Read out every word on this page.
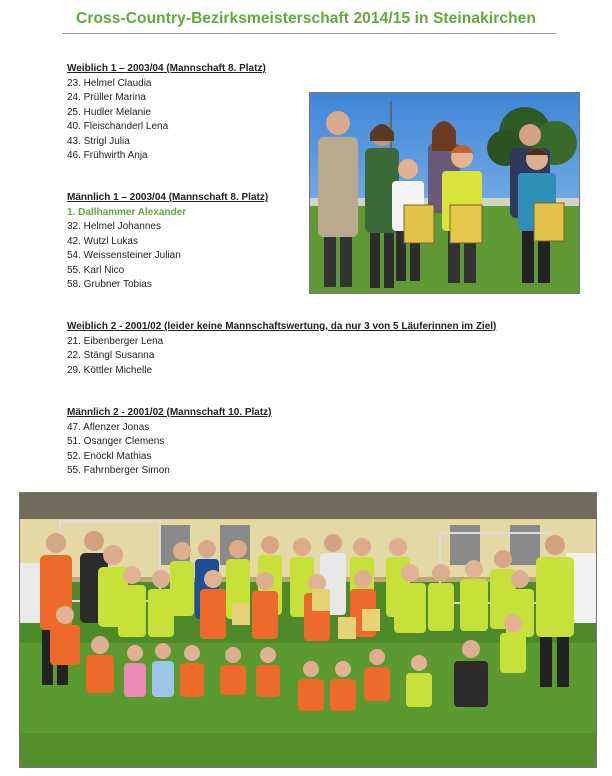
Cross-Country-Bezirksmeisterschaft 2014/15 in Steinakirchen
Weiblich 1 – 2003/04 (Mannschaft 8. Platz)
23. Helmel Claudia
24. Prüller Marina
25. Hudler Melanie
40. Fleischanderl Lena
43. Strigl Julia
46. Frühwirth Anja
Männlich 1 – 2003/04 (Mannschaft 8. Platz)
1. Dallhammer Alexander
32. Helmel Johannes
42. Wutzl Lukas
54. Weissensteiner Julian
55. Karl Nico
58. Grubner Tobias
Weiblich 2 - 2001/02 (leider keine Mannschaftswertung, da nur 3 von 5 Läuferinnen im Ziel)
21. Eibenberger Lena
22. Stängl Susanna
29. Köttler Michelle
Männlich 2 - 2001/02 (Mannschaft 10. Platz)
47. Aflenzer Jonas
51. Osanger Clemens
52. Enöckl Mathias
55. Fahrnberger Simon
